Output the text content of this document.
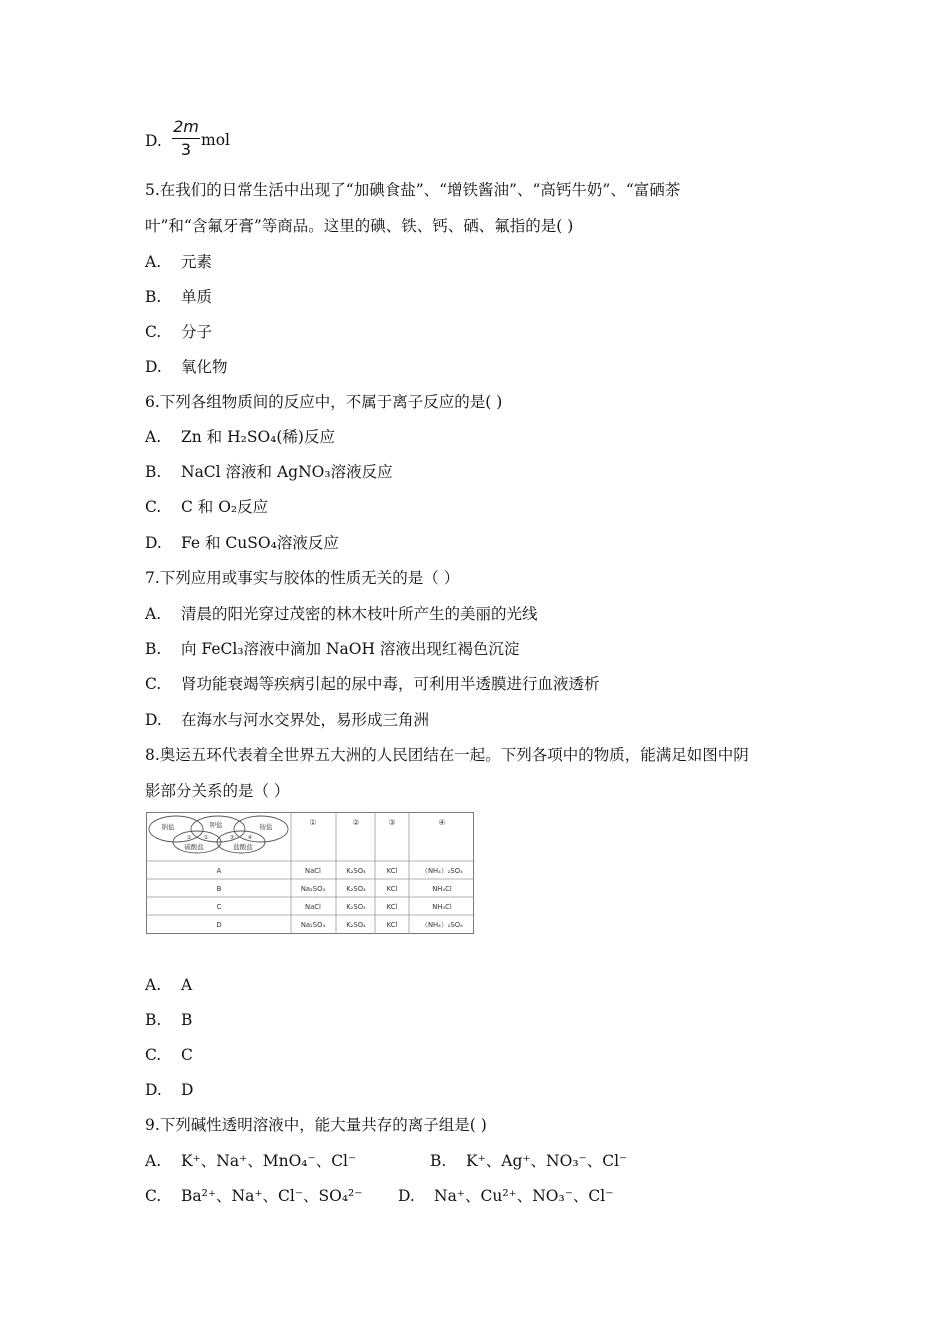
D.
2m
3 mol
5.在我们的日常生活中出现了“加碘食盐”、“增铁酱油”、“高钙牛奶”、“富硒茶
叶”和“含氟牙膏”等商品。这里的碘、铁、钙、硒、氟指的是( )
A. 元素
B. 单质
C. 分子
D. 氧化物
6.下列各组物质间的反应中，不属于离子反应的是( )
A. Zn 和 H₂SO₄(稀)反应
B. NaCl 溶液和 AgNO₃溶液反应
C. C 和 O₂反应
D. Fe 和 CuSO₄溶液反应
7.下列应用或事实与胶体的性质无关的是（ ）
A. 清晨的阳光穿过茂密的林木枝叶所产生的美丽的光线
B. 向 FeCl₃溶液中滴加 NaOH 溶液出现红褐色沉淀
C. 肾功能衰竭等疾病引起的尿中毒，可利用半透膜进行血液透析
D. 在海水与河水交界处，易形成三角洲
8.奥运五环代表着全世界五大洲的人民团结在一起。下列各项中的物质，能满足如图中阴
影部分关系的是（ ）
钠盐	钾盐	铵盐
硫酸盐	盐酸盐
① ②	③ ④
①	②	③	④
A	NaCl	K₂SO₄	KCl	（NH₄）₂SO₄
B	Na₂SO₄	K₂SO₄	KCl	NH₄Cl
C	NaCl	K₂SO₄	KCl	NH₄Cl
D	Na₂SO₄	K₂SO₄	KCl	（NH₄）₂SO₄
A. A
B. B
C. C
D. D
9.下列碱性透明溶液中，能大量共存的离子组是( )
A. K⁺、Na⁺、MnO₄⁻、Cl⁻	B. K⁺、Ag⁺、NO₃⁻、Cl⁻
C. Ba²⁺、Na⁺、Cl⁻、SO₄²⁻ D. Na⁺、Cu²⁺、NO₃⁻、Cl⁻
